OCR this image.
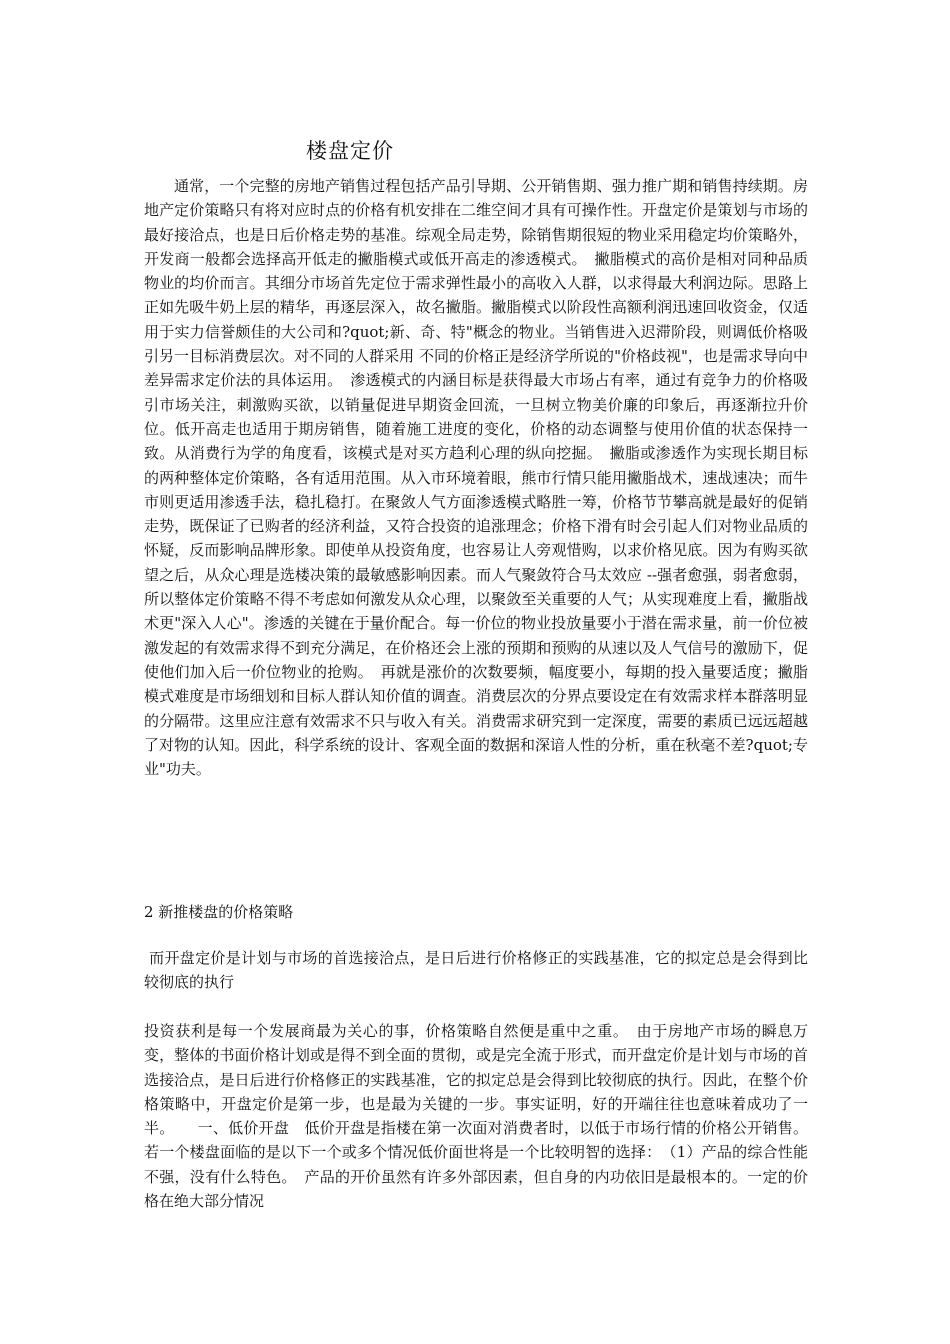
楼盘定价

通常，一个完整的房地产销售过程包括产品引导期、公开销售期、强力推广期和销售持续期。房地产定价策略只有将对应时点的价格有机安排在二维空间才具有可操作性。开盘定价是策划与市场的最好接洽点，也是日后价格走势的基准。综观全局走势，除销售期很短的物业采用稳定均价策略外，开发商一般都会选择高开低走的撇脂模式或低开高走的渗透模式。　撇脂模式的高价是相对同种品质物业的均价而言。其细分市场首先定位于需求弹性最小的高收入人群，以求得最大利润边际。思路上正如先吸牛奶上层的精华，再逐层深入，故名撇脂。撇脂模式以阶段性高额利润迅速回收资金，仅适用于实力信誉颇佳的大公司和?quot;新、奇、特"概念的物业。当销售进入迟滞阶段，则调低价格吸引另一目标消费层次。对不同的人群采用 不同的价格正是经济学所说的"价格歧视"，也是需求导向中差异需求定价法的具体运用。　渗透模式的内涵目标是获得最大市场占有率，通过有竞争力的价格吸引市场关注，刺激购买欲，以销量促进早期资金回流，一旦树立物美价廉的印象后，再逐渐拉升价位。低开高走也适用于期房销售，随着施工进度的变化，价格的动态调整与使用价值的状态保持一致。从消费行为学的角度看，该模式是对买方趋利心理的纵向挖掘。　撇脂或渗透作为实现长期目标的两种整体定价策略，各有适用范围。从入市环境着眼，熊市行情只能用撇脂战术，速战速决；而牛市则更适用渗透手法，稳扎稳打。在聚敛人气方面渗透模式略胜一筹，价格节节攀高就是最好的促销走势，既保证了已购者的经济利益，又符合投资的追涨理念；价格下滑有时会引起人们对物业品质的怀疑，反而影响品牌形象。即使单从投资角度，也容易让人旁观惜购，以求价格见底。因为有购买欲望之后，从众心理是选楼决策的最敏感影响因素。而人气聚敛符合马太效应 --强者愈强，弱者愈弱，所以整体定价策略不得不考虑如何激发从众心理，以聚敛至关重要的人气；从实现难度上看，撇脂战术更"深入人心"。渗透的关键在于量价配合。每一价位的物业投放量要小于潜在需求量，前一价位被激发起的有效需求得不到充分满足，在价格还会上涨的预期和预购的从速以及人气信号的激励下，促使他们加入后一价位物业的抢购。　再就是涨价的次数要频，幅度要小，每期的投入量要适度；撇脂模式难度是市场细划和目标人群认知价值的调查。消费层次的分界点要设定在有效需求样本群落明显的分隔带。这里应注意有效需求不只与收入有关。消费需求研究到一定深度，需要的素质已远远超越了对物的认知。因此，科学系统的设计、客观全面的数据和深谙人性的分析，重在秋毫不差?quot;专业"功夫。

2 新推楼盘的价格策略

而开盘定价是计划与市场的首选接洽点，是日后进行价格修正的实践基准，它的拟定总是会得到比较彻底的执行

投资获利是每一个发展商最为关心的事，价格策略自然便是重中之重。　由于房地产市场的瞬息万变，整体的书面价格计划或是得不到全面的贯彻，或是完全流于形式，而开盘定价是计划与市场的首选接洽点，是日后进行价格修正的实践基准，它的拟定总是会得到比较彻底的执行。因此，在整个价格策略中，开盘定价是第一步，也是最为关键的一步。事实证明，好的开端往往也意味着成功了一半。　　一、低价开盘　低价开盘是指楼在第一次面对消费者时，以低于市场行情的价格公开销售。若一个楼盘面临的是以下一个或多个情况低价面世将是一个比较明智的选择：　（1）产品的综合性能不强，没有什么特色。　产品的开价虽然有许多外部因素，但自身的内功依旧是最根本的。一定的价格在绝大部分情况
